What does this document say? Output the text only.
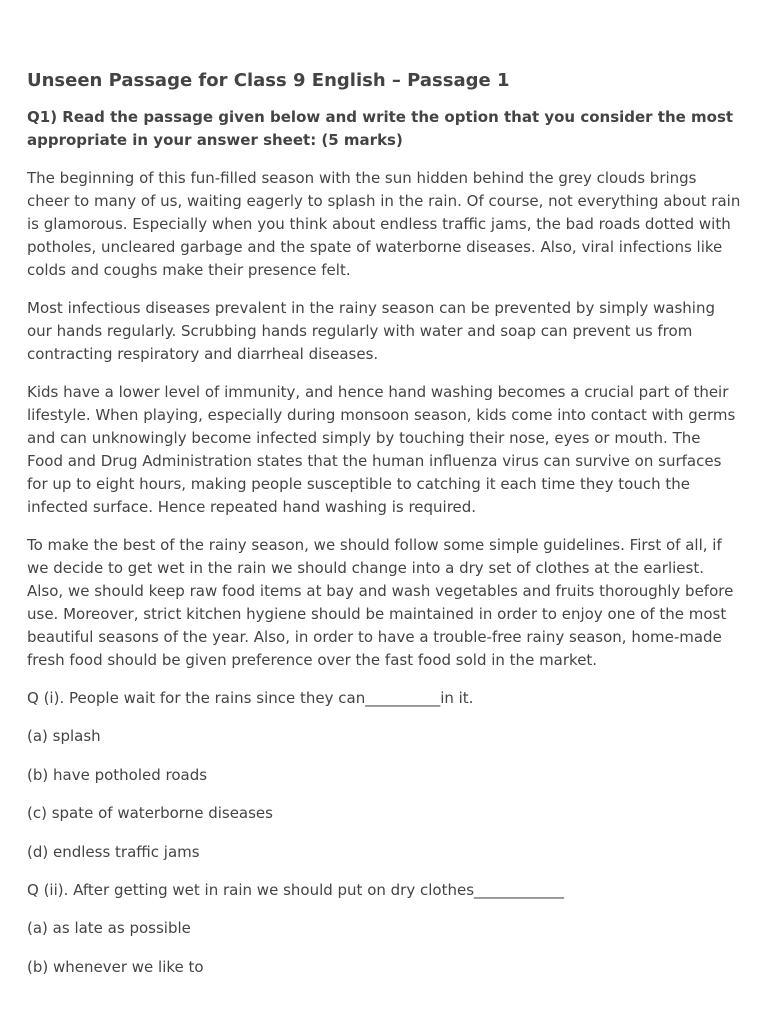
Unseen Passage for Class 9 English – Passage 1

Q1) Read the passage given below and write the option that you consider the most appropriate in your answer sheet: (5 marks)

The beginning of this fun-filled season with the sun hidden behind the grey clouds brings cheer to many of us, waiting eagerly to splash in the rain. Of course, not everything about rain is glamorous. Especially when you think about endless traffic jams, the bad roads dotted with potholes, uncleared garbage and the spate of waterborne diseases. Also, viral infections like colds and coughs make their presence felt.

Most infectious diseases prevalent in the rainy season can be prevented by simply washing our hands regularly. Scrubbing hands regularly with water and soap can prevent us from contracting respiratory and diarrheal diseases.

Kids have a lower level of immunity, and hence hand washing becomes a crucial part of their lifestyle. When playing, especially during monsoon season, kids come into contact with germs and can unknowingly become infected simply by touching their nose, eyes or mouth. The Food and Drug Administration states that the human influenza virus can survive on surfaces for up to eight hours, making people susceptible to catching it each time they touch the infected surface. Hence repeated hand washing is required.

To make the best of the rainy season, we should follow some simple guidelines. First of all, if we decide to get wet in the rain we should change into a dry set of clothes at the earliest. Also, we should keep raw food items at bay and wash vegetables and fruits thoroughly before use. Moreover, strict kitchen hygiene should be maintained in order to enjoy one of the most beautiful seasons of the year. Also, in order to have a trouble-free rainy season, home-made fresh food should be given preference over the fast food sold in the market.

Q (i). People wait for the rains since they can__________in it.

(a) splash

(b) have potholed roads

(c) spate of waterborne diseases

(d) endless traffic jams

Q (ii). After getting wet in rain we should put on dry clothes____________

(a) as late as possible

(b) whenever we like to
